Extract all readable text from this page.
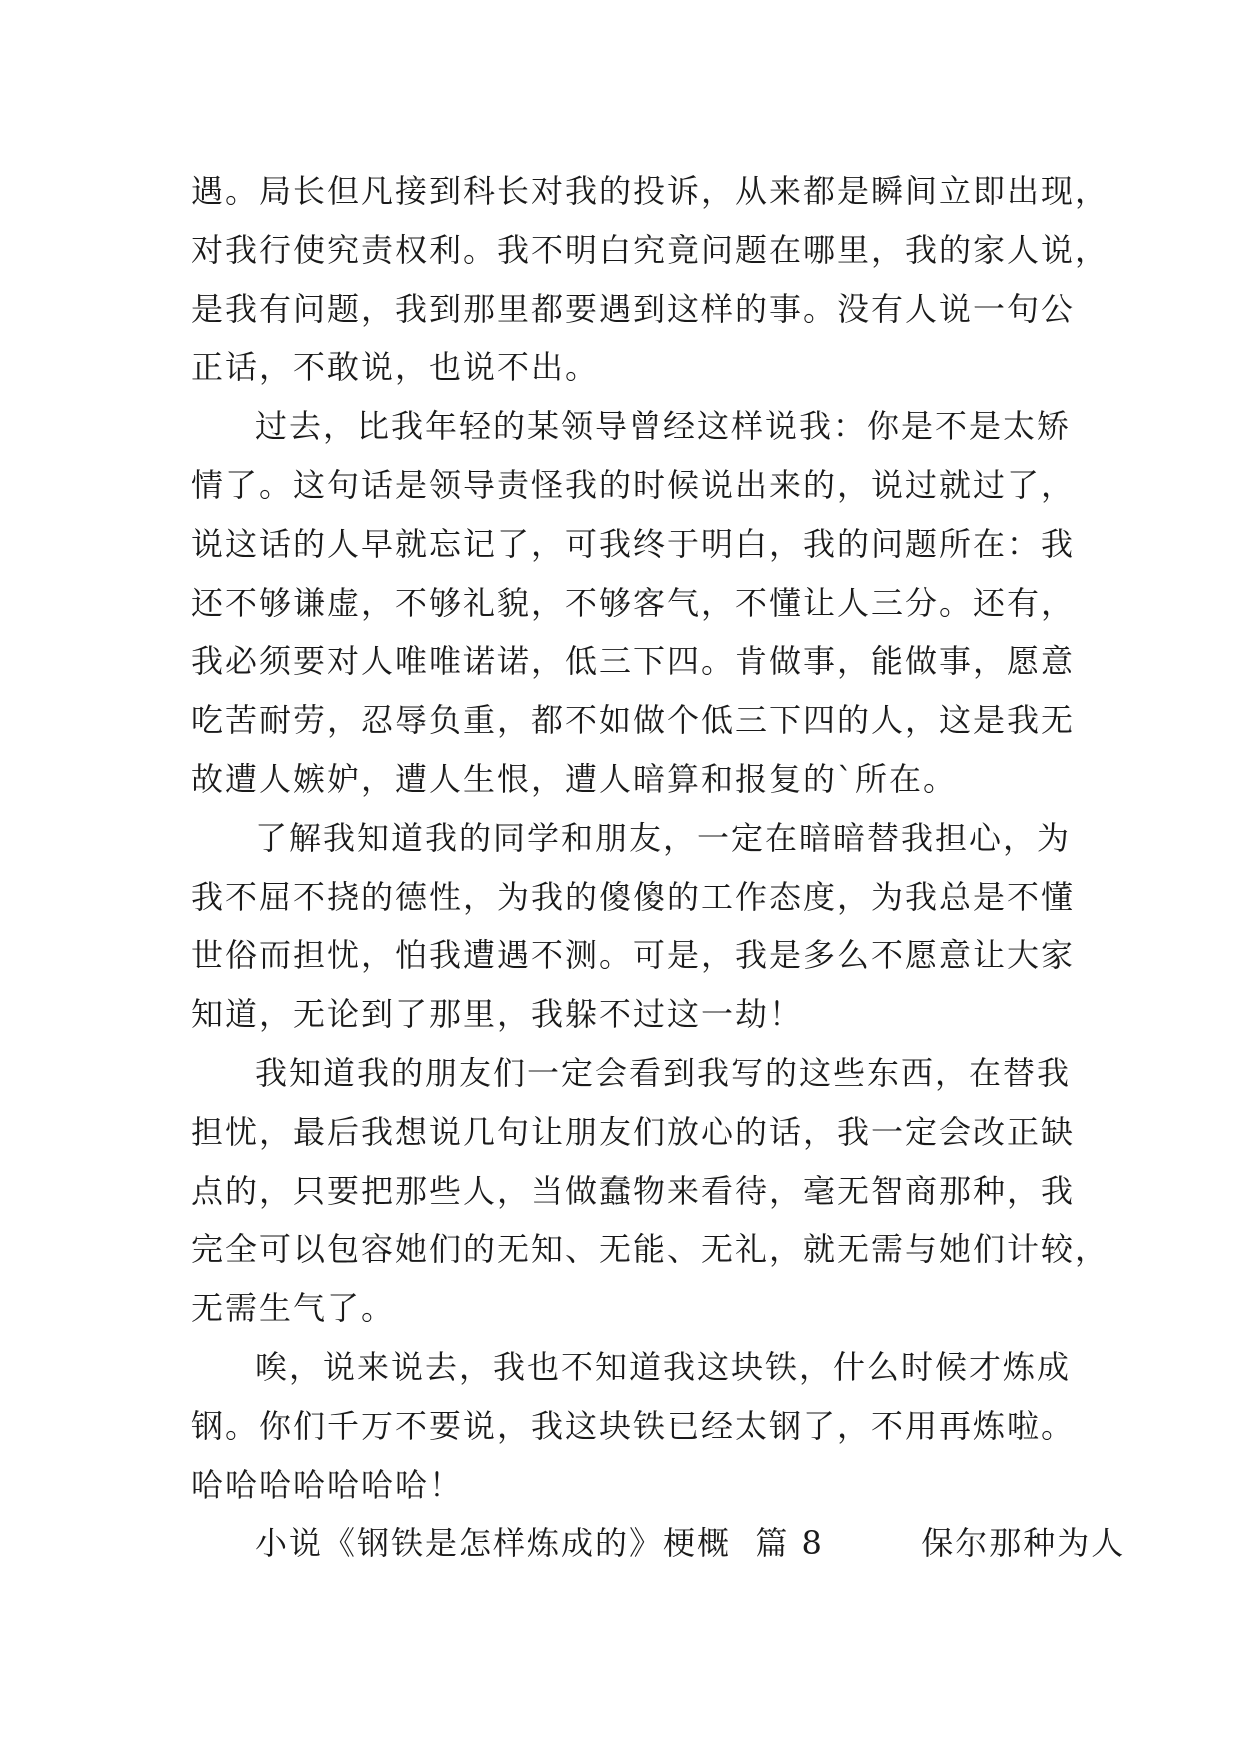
遇。局长但凡接到科长对我的投诉，从来都是瞬间立即出现，
对我行使究责权利。我不明白究竟问题在哪里，我的家人说，
是我有问题，我到那里都要遇到这样的事。没有人说一句公
正话，不敢说，也说不出。
过去，比我年轻的某领导曾经这样说我：你是不是太矫
情了。这句话是领导责怪我的时候说出来的，说过就过了，
说这话的人早就忘记了，可我终于明白，我的问题所在：我
还不够谦虚，不够礼貌，不够客气，不懂让人三分。还有，
我必须要对人唯唯诺诺，低三下四。肯做事，能做事，愿意
吃苦耐劳，忍辱负重，都不如做个低三下四的人，这是我无
故遭人嫉妒，遭人生恨，遭人暗算和报复的`所在。
了解我知道我的同学和朋友，一定在暗暗替我担心，为
我不屈不挠的德性，为我的傻傻的工作态度，为我总是不懂
世俗而担忧，怕我遭遇不测。可是，我是多么不愿意让大家
知道，无论到了那里，我躲不过这一劫！
我知道我的朋友们一定会看到我写的这些东西，在替我
担忧，最后我想说几句让朋友们放心的话，我一定会改正缺
点的，只要把那些人，当做蠢物来看待，毫无智商那种，我
完全可以包容她们的无知、无能、无礼，就无需与她们计较，
无需生气了。
唉，说来说去，我也不知道我这块铁，什么时候才炼成
钢。你们千万不要说，我这块铁已经太钢了，不用再炼啦。
哈哈哈哈哈哈哈！
小说《钢铁是怎样炼成的》梗概  篇 8        保尔那种为人
